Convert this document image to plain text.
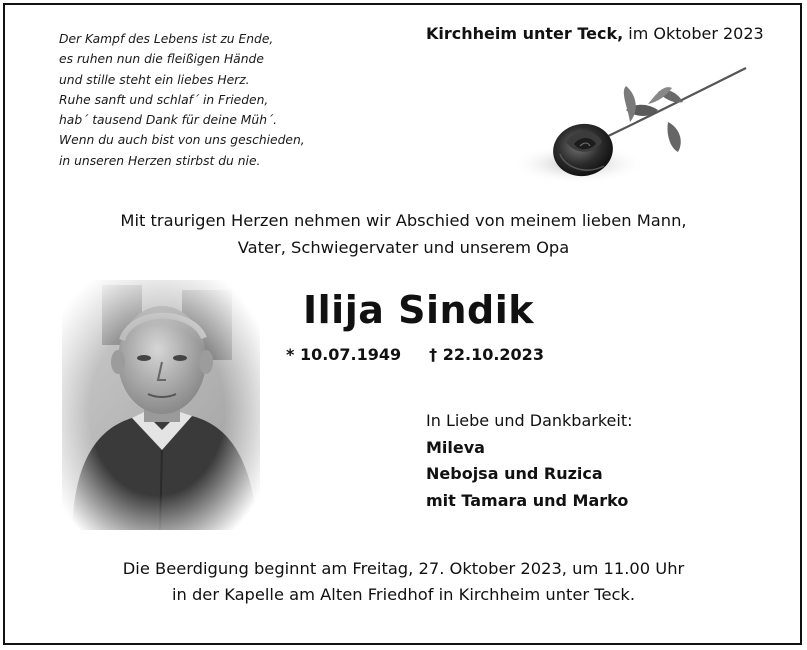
Der Kampf des Lebens ist zu Ende,
es ruhen nun die fleißigen Hände
und stille steht ein liebes Herz.
Ruhe sanft und schlaf´ in Frieden,
hab´ tausend Dank für deine Müh´.
Wenn du auch bist von uns geschieden,
in unseren Herzen stirbst du nie.
Kirchheim unter Teck, im Oktober 2023
Mit traurigen Herzen nehmen wir Abschied von meinem lieben Mann,
Vater, Schwiegervater und unserem Opa
Ilija Sindik
* 10.07.1949 † 22.10.2023
In Liebe und Dankbarkeit:
Mileva
Nebojsa und Ruzica
mit Tamara und Marko
Die Beerdigung beginnt am Freitag, 27. Oktober 2023, um 11.00 Uhr
in der Kapelle am Alten Friedhof in Kirchheim unter Teck.
